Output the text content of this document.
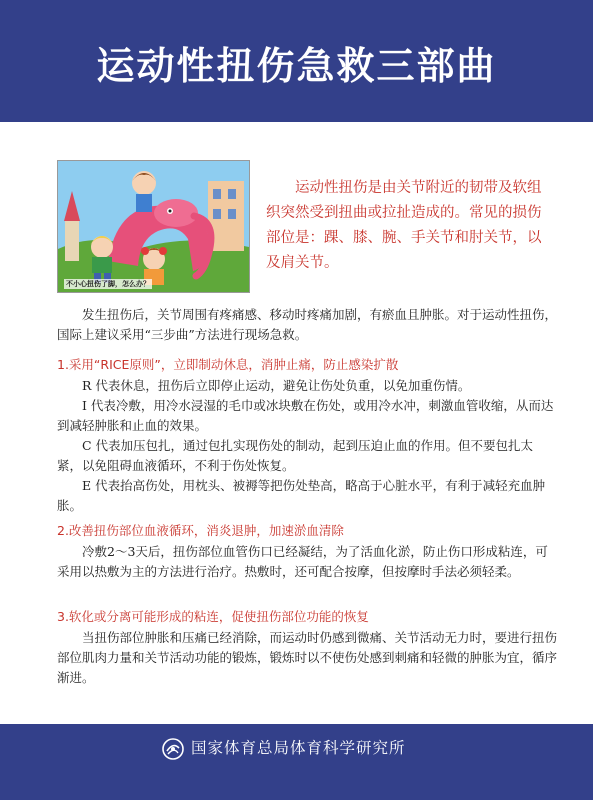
运动性扭伤急救三部曲
不小心扭伤了脚，怎么办？

运动性扭伤是由关节附近的韧带及软组织突然受到扭曲或拉扯造成的。常见的损伤部位是：踝、膝、腕、手关节和肘关节，以及肩关节。

发生扭伤后，关节周围有疼痛感、移动时疼痛加剧，有瘀血且肿胀。对于运动性扭伤，国际上建议采用“三步曲”方法进行现场急救。

1.采用“RICE原则”，立即制动休息，消肿止痛，防止感染扩散

R 代表休息，扭伤后立即停止运动，避免让伤处负重，以免加重伤情。

I 代表冷敷，用冷水浸湿的毛巾或冰块敷在伤处，或用冷水冲，刺激血管收缩，从而达到减轻肿胀和止血的效果。

C 代表加压包扎，通过包扎实现伤处的制动，起到压迫止血的作用。但不要包扎太紧，以免阻碍血液循环，不利于伤处恢复。

E 代表抬高伤处，用枕头、被褥等把伤处垫高，略高于心脏水平，有利于减轻充血肿胀。

2.改善扭伤部位血液循环，消炎退肿，加速淤血清除

冷敷2～3天后，扭伤部位血管伤口已经凝结，为了活血化淤，防止伤口形成粘连，可采用以热敷为主的方法进行治疗。热敷时，还可配合按摩，但按摩时手法必须轻柔。

3.软化或分离可能形成的粘连，促使扭伤部位功能的恢复

当扭伤部位肿胀和压痛已经消除，而运动时仍感到微痛、关节活动无力时，要进行扭伤部位肌肉力量和关节活动功能的锻炼，锻炼时以不使伤处感到刺痛和轻微的肿胀为宜，循序渐进。

国家体育总局体育科学研究所
